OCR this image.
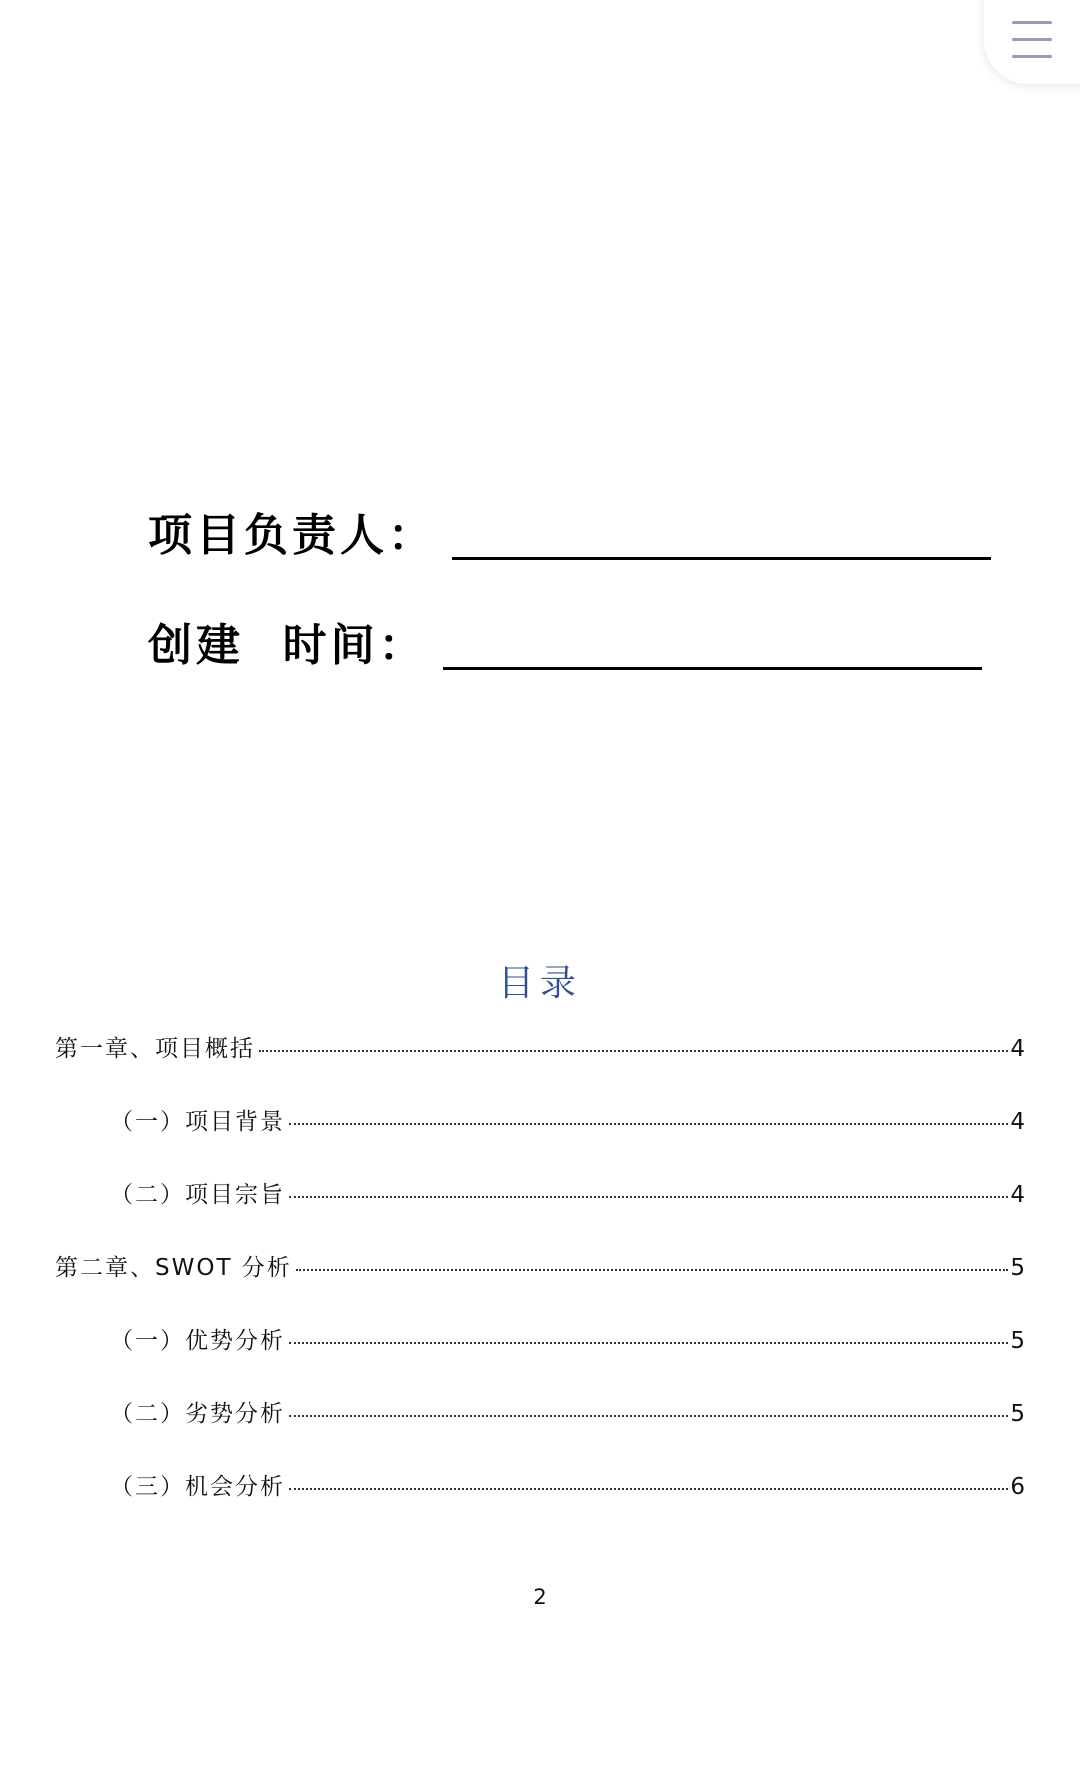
项目负责人：
创建  时间：
目录
第一章、项目概括	4
（一）项目背景	4
（二）项目宗旨	4
第二章、SWOT 分析	5
（一）优势分析	5
（二）劣势分析	5
（三）机会分析	6
2
